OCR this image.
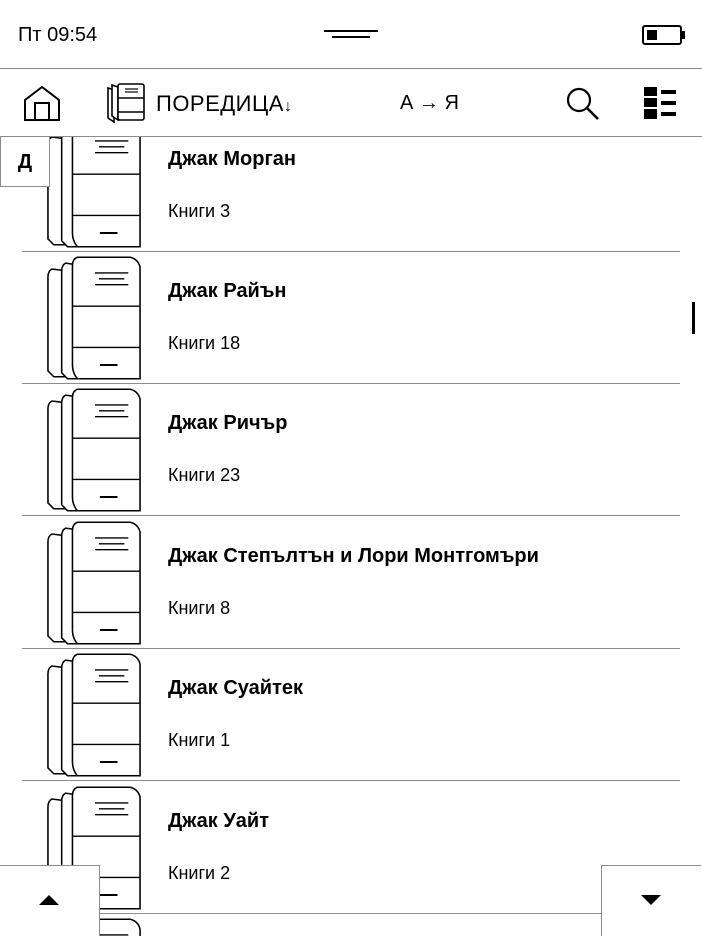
Пт 09:54
ПОРЕДИЦА↓	А → Я
Джак Морган
Книги 3
Джак Райън
Книги 18
Джак Ричър
Книги 23
Джак Степълтън и Лори Монтгомъри
Книги 8
Джак Суайтек
Книги 1
Джак Уайт
Книги 2
Д
